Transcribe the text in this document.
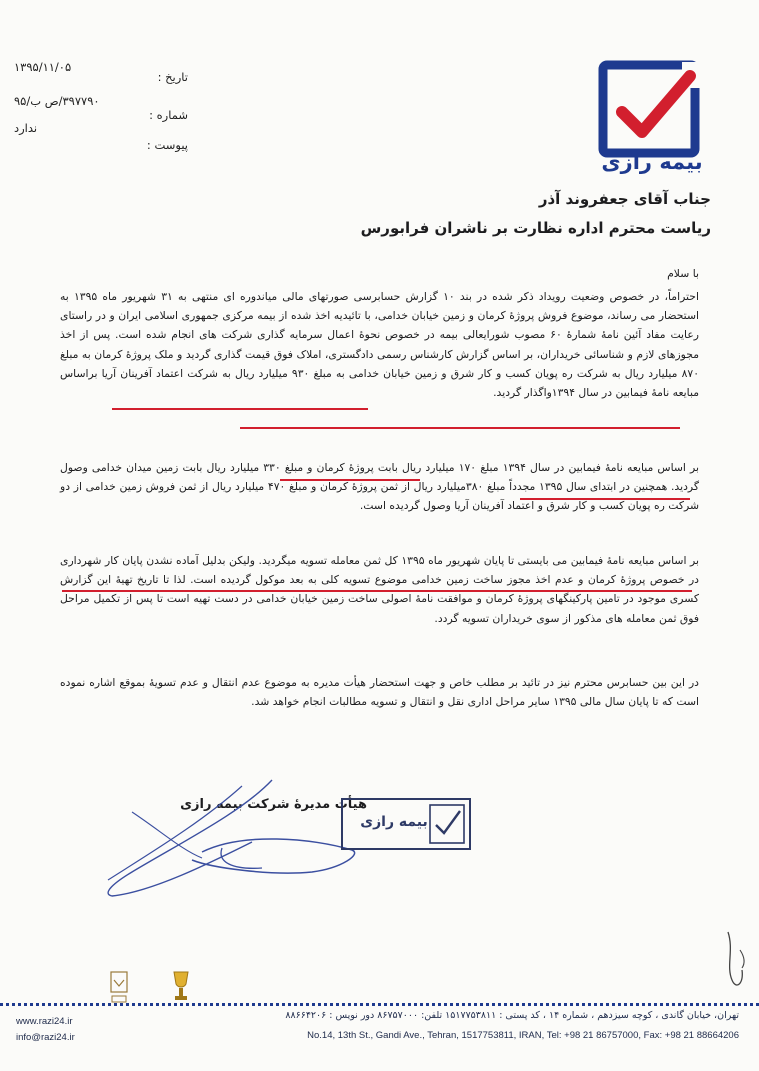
بیمه رازی
تاریخ :
شماره :
پیوست :
۱۳۹۵/۱۱/۰۵
۳۹۷۷۹۰/ص ب/۹۵
ندارد
جناب آقای جعفروند آذر
ریاست محترم اداره نظارت بر ناشران فرابورس

با سلام

احتراماً، در خصوص وضعیت رویداد ذکر شده در بند ۱۰ گزارش حسابرسی صورتهای مالی میاندوره ای منتهی به ۳۱ شهریور ماه ۱۳۹۵ به استحضار می رساند، موضوع فروش پروژهٔ کرمان و زمین خیابان خدامی، با تائیدیه اخذ شده از بیمه مرکزی جمهوری اسلامی ایران و در راستای رعایت مفاد آئین نامهٔ شمارهٔ ۶۰ مصوب شورایعالی بیمه در خصوص نحوهٔ اعمال سرمایه گذاری شرکت های انجام شده است. پس از اخذ مجوزهای لازم و شناسائی خریداران، بر اساس گزارش کارشناس رسمی دادگستری، املاک فوق قیمت گذاری گردید و ملک پروژهٔ کرمان به مبلغ ۸۷۰ میلیارد ریال به شرکت ره پویان کسب و کار شرق و زمین خیابان خدامی به مبلغ ۹۳۰ میلیارد ریال به شرکت اعتماد آفرینان آریا براساس مبایعه نامهٔ فیمابین در سال ۱۳۹۴واگذار گردید.

بر اساس مبایعه نامهٔ فیمابین در سال ۱۳۹۴ مبلغ ۱۷۰ میلیارد ریال بابت پروژهٔ کرمان و مبلغ ۳۳۰ میلیارد ریال بابت زمین میدان خدامی وصول گردید. همچنین در ابتدای سال ۱۳۹۵ مجدداً مبلغ ۳۸۰میلیارد ریال از ثمن پروژهٔ کرمان و مبلغ ۴۷۰ میلیارد ریال از ثمن فروش زمین خدامی از دو شرکت ره پویان کسب و کار شرق و اعتماد آفرینان آریا وصول گردیده است.

بر اساس مبایعه نامهٔ فیمابین می بایستی تا پایان شهریور ماه ۱۳۹۵ کل ثمن معامله تسویه میگردید. ولیکن بدلیل آماده نشدن پایان کار شهرداری در خصوص پروژهٔ کرمان و عدم اخذ مجوز ساخت زمین خدامی موضوع تسویه کلی به بعد موکول گردیده است. لذا تا تاریخ تهیهٔ این گزارش کسری موجود در تامین پارکینگهای پروژهٔ کرمان و موافقت نامهٔ اصولی ساخت زمین خیابان خدامی در دست تهیه است تا پس از تکمیل مراحل فوق ثمن معامله های مذکور از سوی خریداران تسویه گردد.

در این بین حسابرس محترم نیز در تائید بر مطلب خاص و جهت استحضار هیأت مدیره به موضوع عدم انتقال و عدم تسویهٔ بموقع اشاره نموده است که تا پایان سال مالی ۱۳۹۵ سایر مراحل اداری نقل و انتقال و تسویه مطالبات انجام خواهد شد.

هیأت مدیرهٔ شرکت بیمه رازی
بیمه رازی
تهران، خیابان گاندی ، کوچه سیزدهم ، شماره ۱۴ ، کد پستی : ۱۵۱۷۷۵۳۸۱۱ تلفن: ۸۶۷۵۷۰۰۰ دور نویس : ۸۸۶۶۴۲۰۶
No.14, 13th St., Gandi Ave., Tehran, 1517753811, IRAN, Tel: +98 21 86757000, Fax: +98 21 88664206
www.razi24.ir
info@razi24.ir
